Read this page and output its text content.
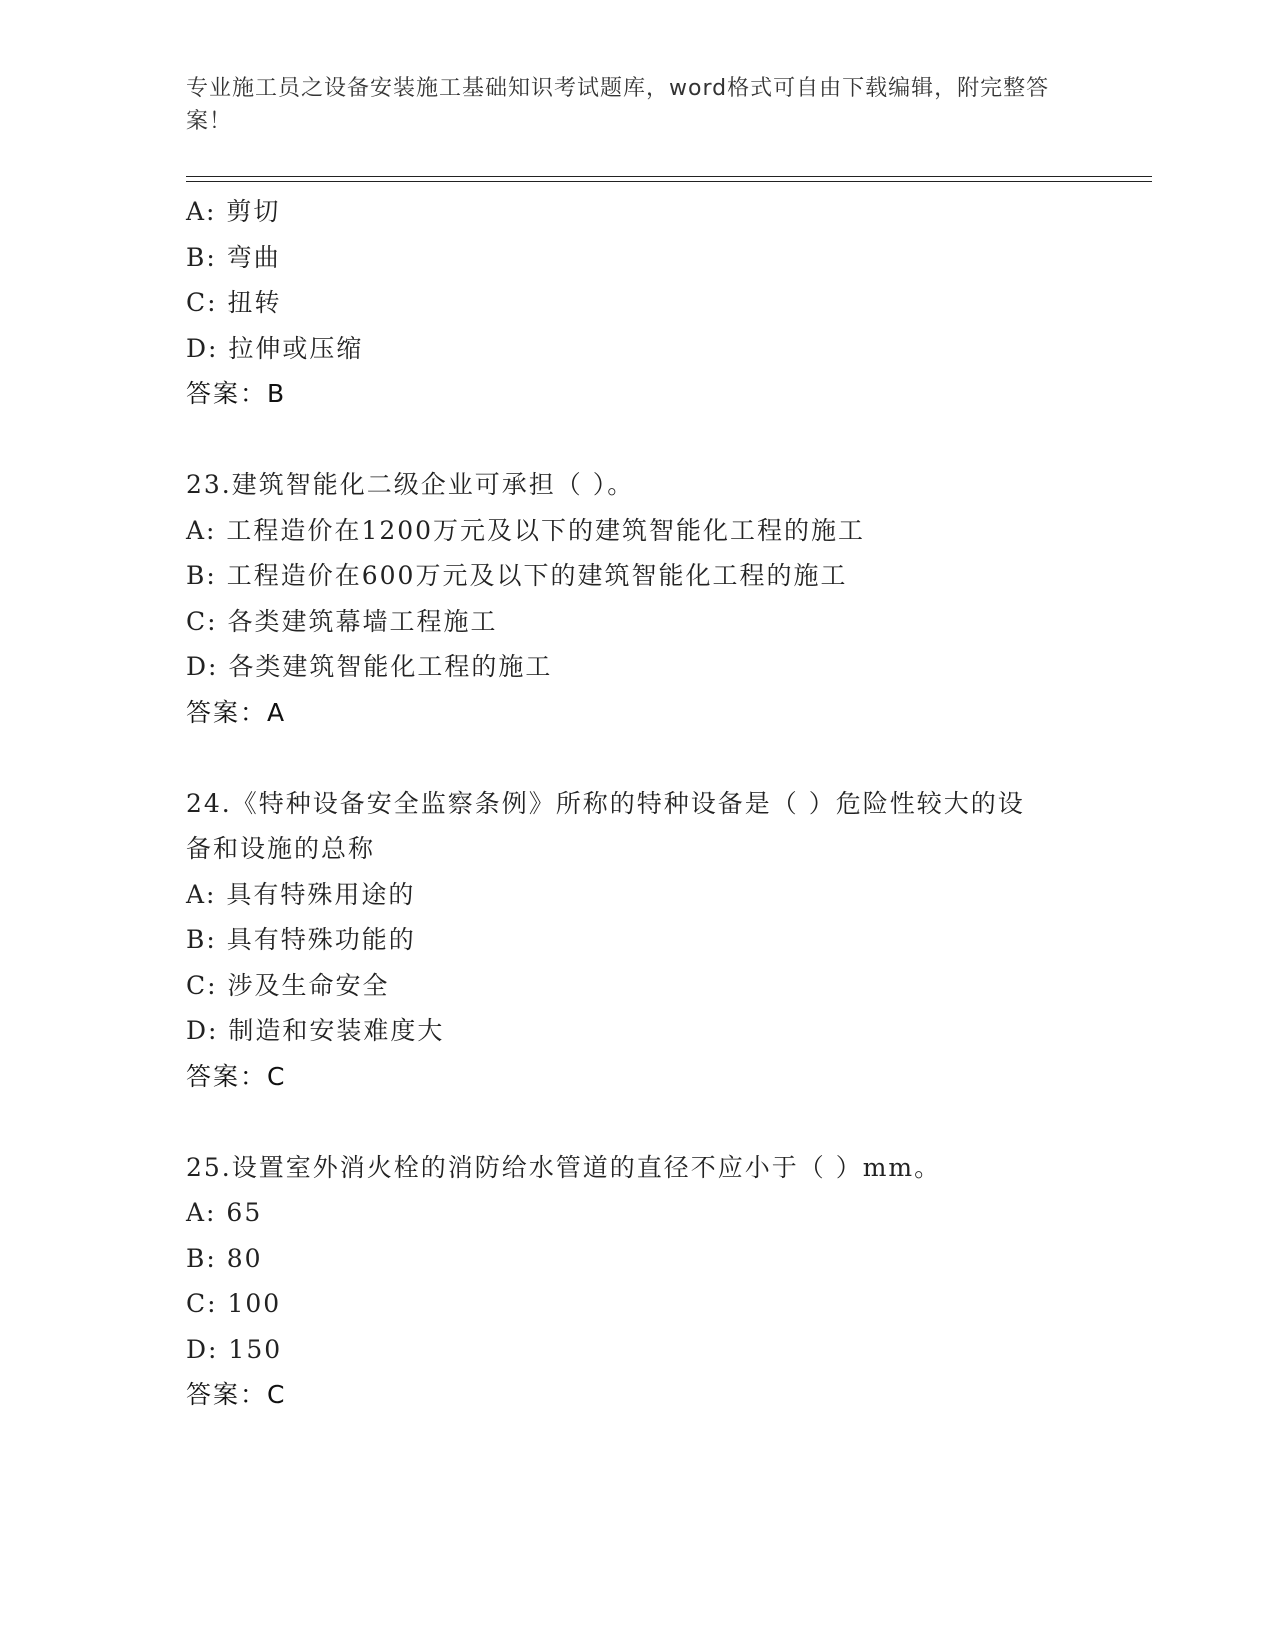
专业施工员之设备安装施工基础知识考试题库，word格式可自由下载编辑，附完整答案！
A: 剪切
B: 弯曲
C: 扭转
D: 拉伸或压缩
答案：B
23.建筑智能化二级企业可承担（ ）。
A: 工程造价在1200万元及以下的建筑智能化工程的施工
B: 工程造价在600万元及以下的建筑智能化工程的施工
C: 各类建筑幕墙工程施工
D: 各类建筑智能化工程的施工
答案：A
24.《特种设备安全监察条例》所称的特种设备是（ ）危险性较大的设备和设施的总称
A: 具有特殊用途的
B: 具有特殊功能的
C: 涉及生命安全
D: 制造和安装难度大
答案：C
25.设置室外消火栓的消防给水管道的直径不应小于（ ）mm。
A: 65
B: 80
C: 100
D: 150
答案：C
